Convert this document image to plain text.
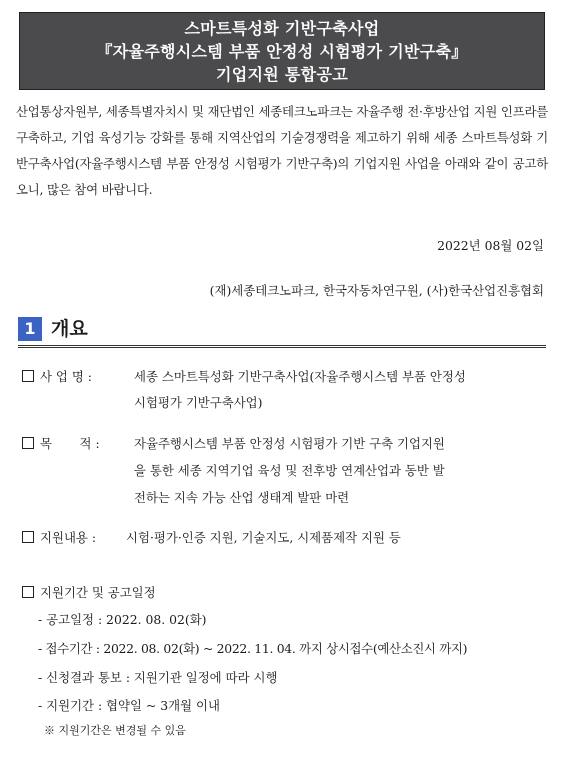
스마트특성화 기반구축사업
『자율주행시스템 부품 안정성 시험평가 기반구축』
기업지원 통합공고
산업통상자원부, 세종특별자치시 및 재단법인 세종테크노파크는 자율주행 전·후방산업 지원 인프라를 구축하고, 기업 육성기능 강화를 통해 지역산업의 기술경쟁력을 제고하기 위해 세종 스마트특성화 기반구축사업(자율주행시스템 부품 안정성 시험평가 기반구축)의 기업지원 사업을 아래와 같이 공고하오니, 많은 참여 바랍니다.
2022년 08월 02일
(재)세종테크노파크, 한국자동차연구원, (사)한국산업진흥협회
1 개요
사 업 명 :	세종 스마트특성화 기반구축사업(자율주행시스템 부품 안정성
시험평가 기반구축사업)
목       적 :	자율주행시스템 부품 안정성 시험평가 기반 구축 기업지원
을 통한 세종 지역기업 육성 및 전후방 연계산업과 동반 발
전하는 지속 가능 산업 생태계 발판 마련
지원내용 : 시험·평가·인증 지원, 기술지도, 시제품제작 지원 등
지원기간 및 공고일정
- 공고일정 : 2022. 08. 02(화)
- 접수기간 : 2022. 08. 02(화) ~ 2022. 11. 04. 까지 상시접수(예산소진시 까지)
- 신청결과 통보 : 지원기관 일정에 따라 시행
- 지원기간 : 협약일 ~ 3개월 이내
※ 지원기간은 변경될 수 있음
